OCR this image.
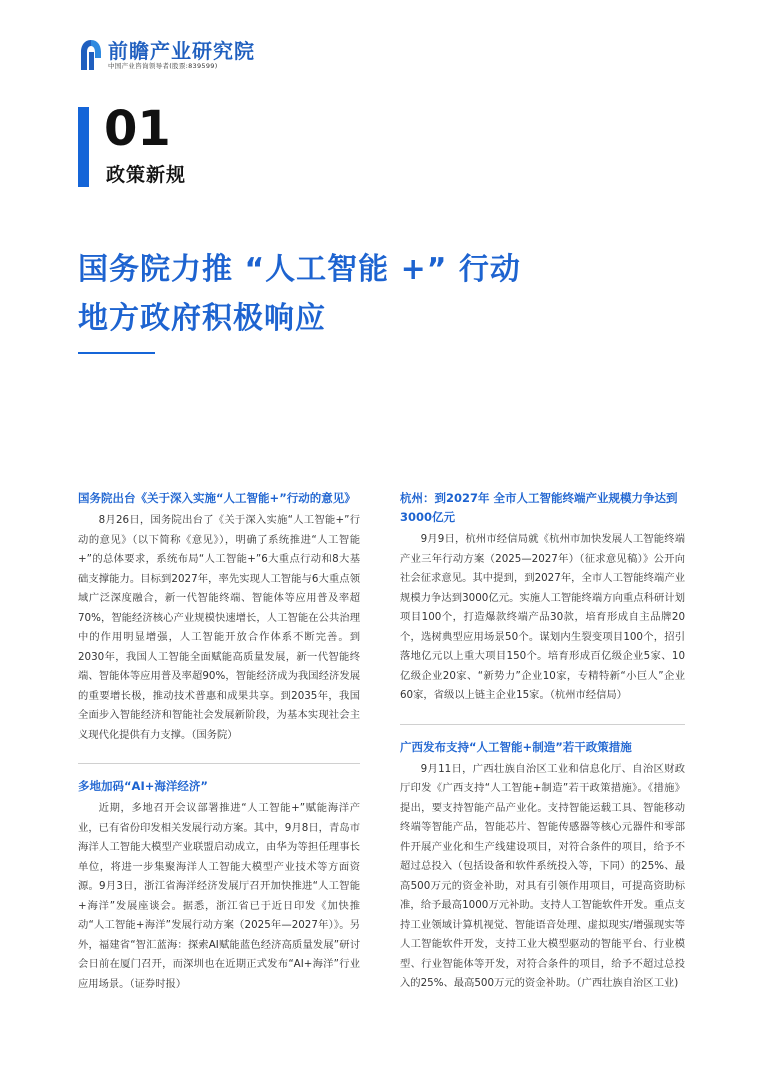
前瞻产业研究院
中国产业咨询领导者(股票:839599)
01
政策新规
国务院力推 “人工智能 +” 行动
地方政府积极响应
国务院出台《关于深入实施“人工智能+”行动的意见》

8月26日，国务院出台了《关于深入实施“人工智能+”行动的意见》（以下简称《意见》），明确了系统推进“人工智能+”的总体要求，系统布局“人工智能+”6大重点行动和8大基础支撑能力。目标到2027年，率先实现人工智能与6大重点领域广泛深度融合，新一代智能终端、智能体等应用普及率超70%，智能经济核心产业规模快速增长，人工智能在公共治理中的作用明显增强，人工智能开放合作体系不断完善。到2030年，我国人工智能全面赋能高质量发展，新一代智能终端、智能体等应用普及率超90%，智能经济成为我国经济发展的重要增长极，推动技术普惠和成果共享。到2035年，我国全面步入智能经济和智能社会发展新阶段，为基本实现社会主义现代化提供有力支撑。（国务院）

多地加码“AI+海洋经济”

近期，多地召开会议部署推进“人工智能+”赋能海洋产业，已有省份印发相关发展行动方案。其中，9月8日，青岛市海洋人工智能大模型产业联盟启动成立，由华为等担任理事长单位，将进一步集聚海洋人工智能大模型产业技术等方面资源。9月3日，浙江省海洋经济发展厅召开加快推进“人工智能+海洋”发展座谈会。据悉，浙江省已于近日印发《加快推动“人工智能+海洋”发展行动方案（2025年—2027年）》。另外，福建省“智汇蓝海：探索AI赋能蓝色经济高质量发展”研讨会日前在厦门召开，而深圳也在近期正式发布“AI+海洋”行业应用场景。（证券时报）

杭州：到2027年 全市人工智能终端产业规模力争达到3000亿元

9月9日，杭州市经信局就《杭州市加快发展人工智能终端产业三年行动方案（2025—2027年）（征求意见稿）》公开向社会征求意见。其中提到，到2027年，全市人工智能终端产业规模力争达到3000亿元。实施人工智能终端方向重点科研计划项目100个，打造爆款终端产品30款，培育形成自主品牌20个，选树典型应用场景50个。谋划内生裂变项目100个，招引落地亿元以上重大项目150个。培育形成百亿级企业5家、10亿级企业20家、“新势力”企业10家，专精特新“小巨人”企业60家，省级以上链主企业15家。（杭州市经信局）

广西发布支持“人工智能+制造”若干政策措施

9月11日，广西壮族自治区工业和信息化厅、自治区财政厅印发《广西支持“人工智能+制造”若干政策措施》。《措施》提出，要支持智能产品产业化。支持智能运载工具、智能移动终端等智能产品，智能芯片、智能传感器等核心元器件和零部件开展产业化和生产线建设项目，对符合条件的项目，给予不超过总投入（包括设备和软件系统投入等，下同）的25%、最高500万元的资金补助，对具有引领作用项目，可提高资助标准，给予最高1000万元补助。支持人工智能软件开发。重点支持工业领域计算机视觉、智能语音处理、虚拟现实/增强现实等人工智能软件开发，支持工业大模型驱动的智能平台、行业模型、行业智能体等开发，对符合条件的项目，给予不超过总投入的25%、最高500万元的资金补助。（广西壮族自治区工业)
